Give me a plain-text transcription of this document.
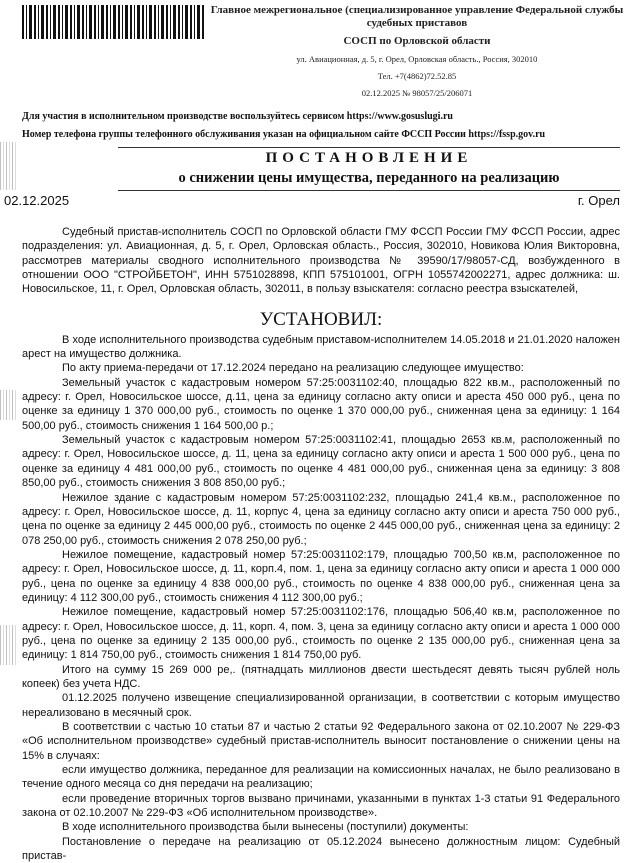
Главное межрегиональное (специализированное управление Федеральной службы
судебных приставов
СОСП по Орловской области
ул. Авиационная, д. 5, г. Орел, Орловская область., Россия, 302010
Тел. +7(4862)72.52.85
02.12.2025 № 98057/25/206071
Для участия в исполнительном производстве воспользуйтесь сервисом https://www.gosuslugi.ru
Номер телефона группы телефонного обслуживания указан на официальном сайте ФССП России https://fssp.gov.ru
ПОСТАНОВЛЕНИЕ
о снижении цены имущества, переданного на реализацию
02.12.2025	г. Орел

Судебный пристав-исполнитель СОСП по Орловской области ГМУ ФССП России ГМУ ФССП России, адрес подразделения: ул. Авиационная, д. 5, г. Орел, Орловская область., Россия, 302010, Новикова Юлия Викторовна, рассмотрев материалы сводного исполнительного производства № 39590/17/98057-СД, возбужденного в отношении ООО "СТРОЙБЕТОН", ИНН 5751028898, КПП 575101001, ОГРН 1055742002271, адрес должника: ш. Новосильское, 11, г. Орел, Орловская область, 302011, в пользу взыскателя: согласно реестра взыскателей,

УСТАНОВИЛ:

В ходе исполнительного производства судебным приставом-исполнителем 14.05.2018 и 21.01.2020 наложен арест на имущество должника.

По акту приема-передачи от 17.12.2024 передано на реализацию следующее имущество:

Земельный участок с кадастровым номером 57:25:0031102:40, площадью 822 кв.м., расположенный по адресу: г. Орел, Новосильское шоссе, д.11, цена за единицу согласно акту описи и ареста 450 000 руб., цена по оценке за единицу 1 370 000,00 руб., стоимость по оценке 1 370 000,00 руб., сниженная цена за единицу: 1 164 500,00 руб., стоимость снижения 1 164 500,00 р.;

Земельный участок с кадастровым номером 57:25:0031102:41, площадью 2653 кв.м, расположенный по адресу: г. Орел, Новосильское шоссе, д. 11, цена за единицу согласно акту описи и ареста 1 500 000 руб., цена по оценке за единицу 4 481 000,00 руб., стоимость по оценке 4 481 000,00 руб., сниженная цена за единицу: 3 808 850,00 руб., стоимость снижения 3 808 850,00 руб.;

Нежилое здание с кадастровым номером 57:25:0031102:232, площадью 241,4 кв.м., расположенное по адресу: г. Орел, Новосильское шоссе, д. 11, корпус 4, цена за единицу согласно акту описи и ареста 750 000 руб., цена по оценке за единицу 2 445 000,00 руб., стоимость по оценке 2 445 000,00 руб., сниженная цена за единицу: 2 078 250,00 руб., стоимость снижения 2 078 250,00 руб.;

Нежилое помещение, кадастровый номер 57:25:0031102:179, площадью 700,50 кв.м, расположенное по адресу: г. Орел, Новосильское шоссе, д. 11, корп.4, пом. 1, цена за единицу согласно акту описи и ареста 1 000 000 руб., цена по оценке за единицу 4 838 000,00 руб., стоимость по оценке 4 838 000,00 руб., сниженная цена за единицу: 4 112 300,00 руб., стоимость снижения 4 112 300,00 руб.;

Нежилое помещение, кадастровый номер 57:25:0031102:176, площадью 506,40 кв.м, расположенное по адресу: г. Орел, Новосильское шоссе, д. 11, корп. 4, пом. 3, цена за единицу согласно акту описи и ареста 1 000 000 руб., цена по оценке за единицу 2 135 000,00 руб., стоимость по оценке 2 135 000,00 руб., сниженная цена за единицу: 1 814 750,00 руб., стоимость снижения 1 814 750,00 руб.

Итого на сумму 15 269 000 ре,. (пятнадцать миллионов двести шестьдесят девять тысяч рублей ноль копеек) без учета НДС.

01.12.2025 получено извещение специализированной организации, в соответствии с которым имущество нереализовано в месячный срок.

В соответствии с частью 10 статьи 87 и частью 2 статьи 92 Федерального закона от 02.10.2007 № 229-ФЗ «Об исполнительном производстве» судебный пристав-исполнитель выносит постановление о снижении цены на 15% в случаях:

если имущество должника, переданное для реализации на комиссионных началах, не было реализовано в течение одного месяца со дня передачи на реализацию;

если проведение вторичных торгов вызвано причинами, указанными в пунктах 1-3 статьи 91 Федерального закона от 02.10.2007 № 229-ФЗ «Об исполнительном производстве».

В ходе исполнительного производства были вынесены (поступили) документы:

Постановление о передаче на реализацию от 05.12.2024 вынесено должностным лицом: Судебный пристав-
